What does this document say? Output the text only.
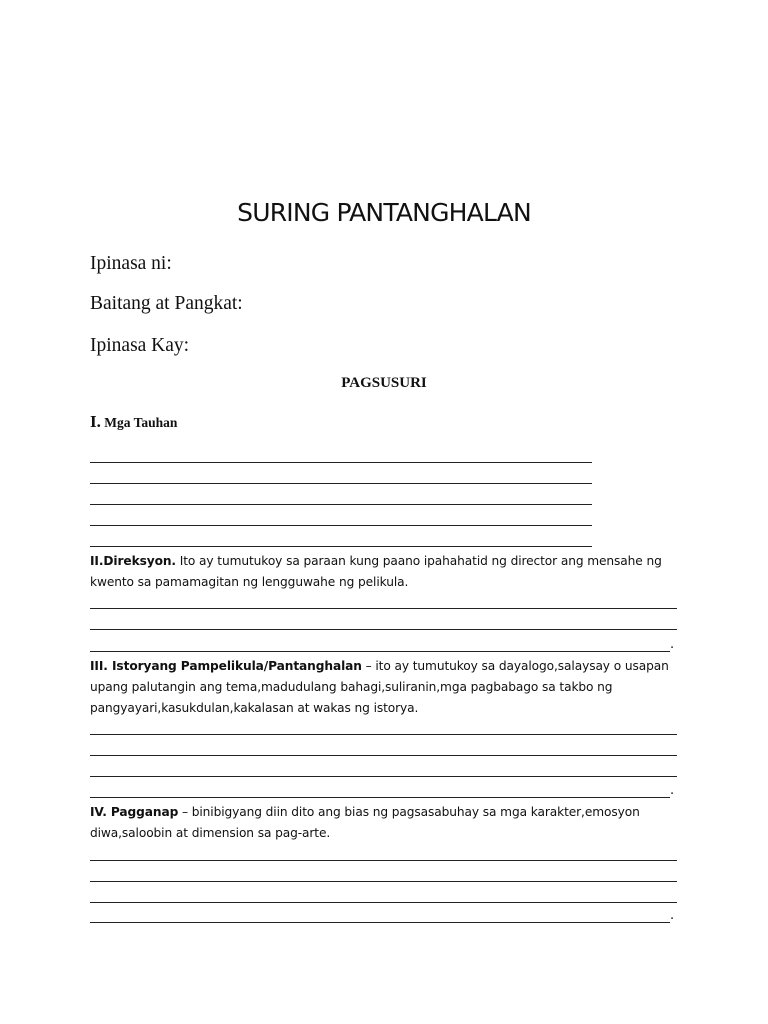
SURING PANTANGHALAN
Ipinasa ni:
Baitang at Pangkat:
Ipinasa Kay:
PAGSUSURI
I. Mga Tauhan
II.Direksyon. Ito ay tumutukoy sa paraan kung paano ipahahatid ng director ang mensahe ng kwento sa pamamagitan ng lengguwahe ng pelikula.
.
III. Istoryang Pampelikula/Pantanghalan – ito ay tumutukoy sa dayalogo,salaysay o usapan upang palutangin ang tema,madudulang bahagi,suliranin,mga pagbabago sa takbo ng pangyayari,kasukdulan,kakalasan at wakas ng istorya.
.
IV. Pagganap – binibigyang diin dito ang bias ng pagsasabuhay sa mga karakter,emosyon diwa,saloobin at dimension sa pag-arte.
.
